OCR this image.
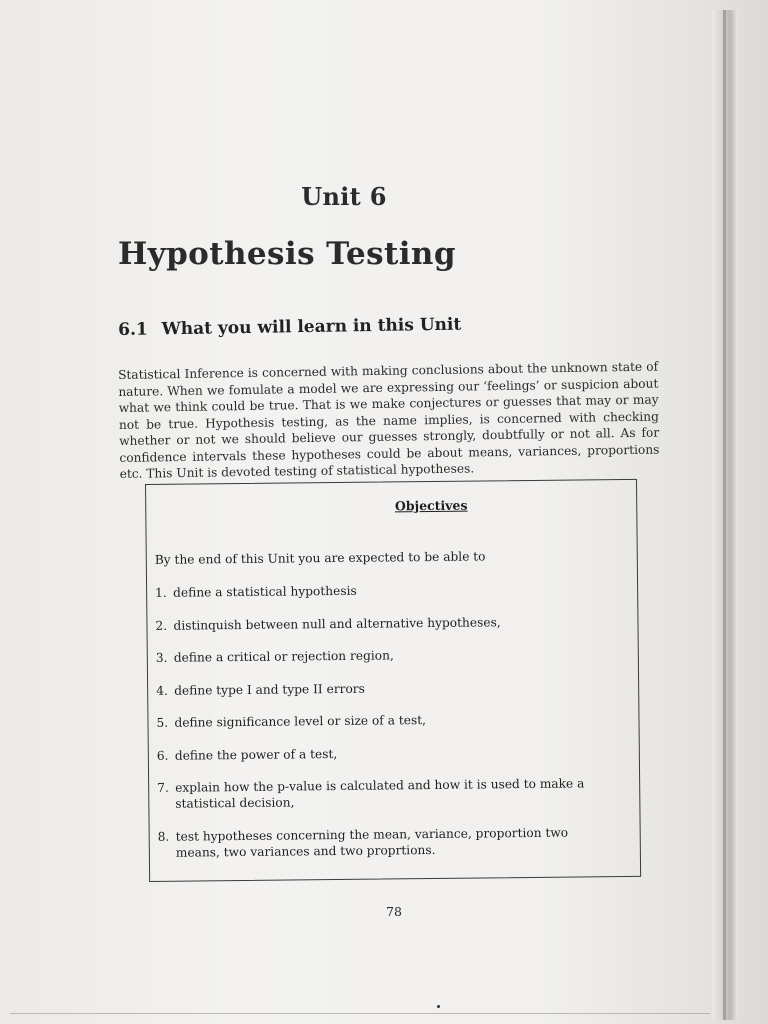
Unit 6
Hypothesis Testing
6.1 What you will learn in this Unit

Statistical Inference is concerned with making conclusions about the unknown state of nature. When we fomulate a model we are expressing our ‘feelings’ or suspicion about what we think could be true. That is we make conjectures or guesses that may or may not be true. Hypothesis testing, as the name implies, is concerned with checking whether or not we should believe our guesses strongly, doubtfully or not all. As for confidence intervals these hypotheses could be about means, variances, proportions etc. This Unit is devoted testing of statistical hypotheses.

Objectives
By the end of this Unit you are expected to be able to
1. define a statistical hypothesis
2. distinquish between null and alternative hypotheses,
3. define a critical or rejection region,
4. define type I and type II errors
5. define significance level or size of a test,
6. define the power of a test,
7. explain how the p-value is calculated and how it is used to make a statistical decision,
8. test hypotheses concerning the mean, variance, proportion two means, two variances and two proprtions.
78
